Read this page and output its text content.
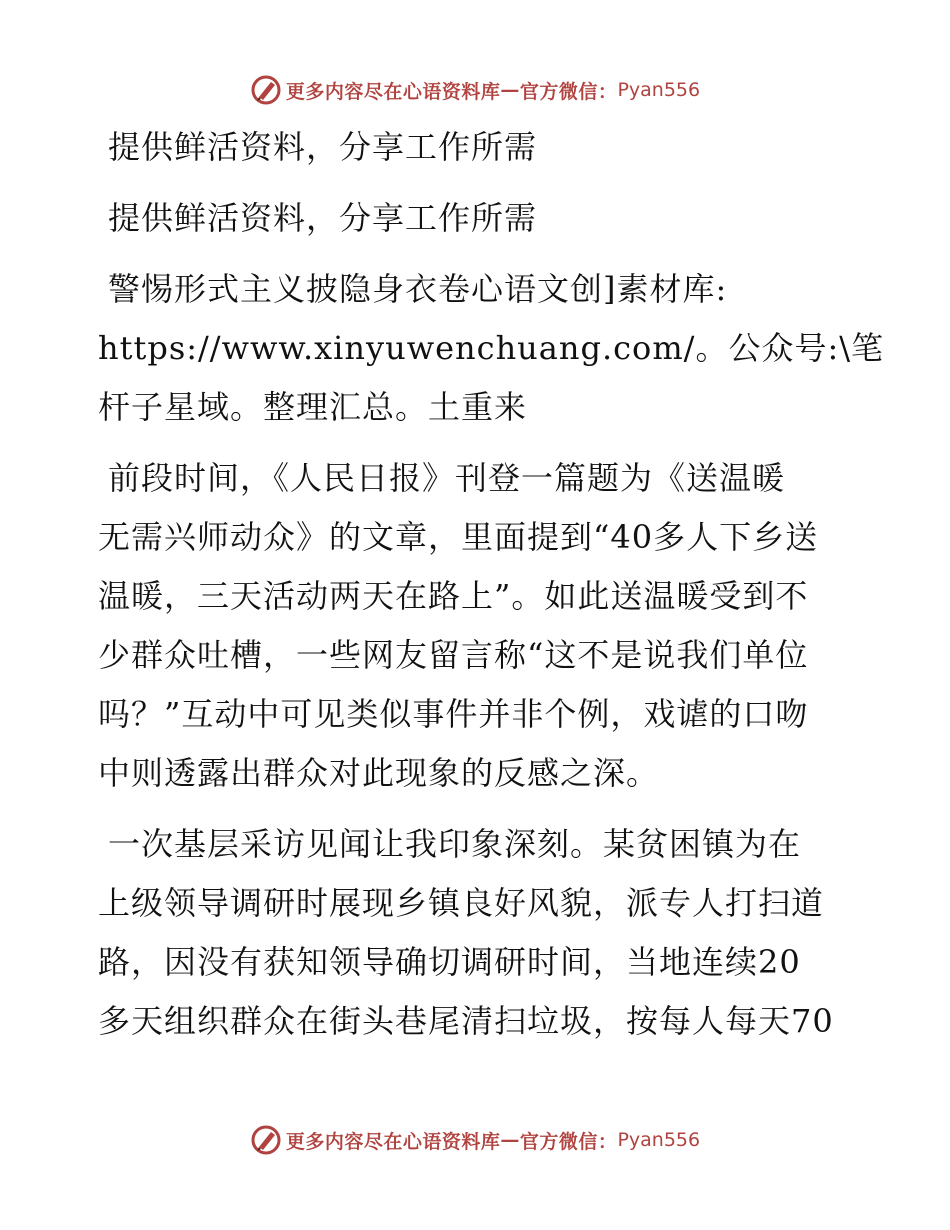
更多内容尽在心语资料库 — 官方微信： Pyan556

提供鲜活资料，分享工作所需

提供鲜活资料，分享工作所需

警惕形式主义披隐身衣卷心语文创]素材库:
https://www.xinyuwenchuang.com/。公众号:\笔
杆子星域。整理汇总。土重来

前段时间，《人民日报》刊登一篇题为《送温暖
无需兴师动众》的文章，里面提到“40多人下乡送
温暖，三天活动两天在路上”。如此送温暖受到不
少群众吐槽，一些网友留言称“这不是说我们单位
吗？”互动中可见类似事件并非个例，戏谑的口吻
中则透露出群众对此现象的反感之深。

一次基层采访见闻让我印象深刻。某贫困镇为在
上级领导调研时展现乡镇良好风貌，派专人打扫道
路，因没有获知领导确切调研时间，当地连续20
多天组织群众在街头巷尾清扫垃圾，按每人每天70

更多内容尽在心语资料库 — 官方微信： Pyan556
